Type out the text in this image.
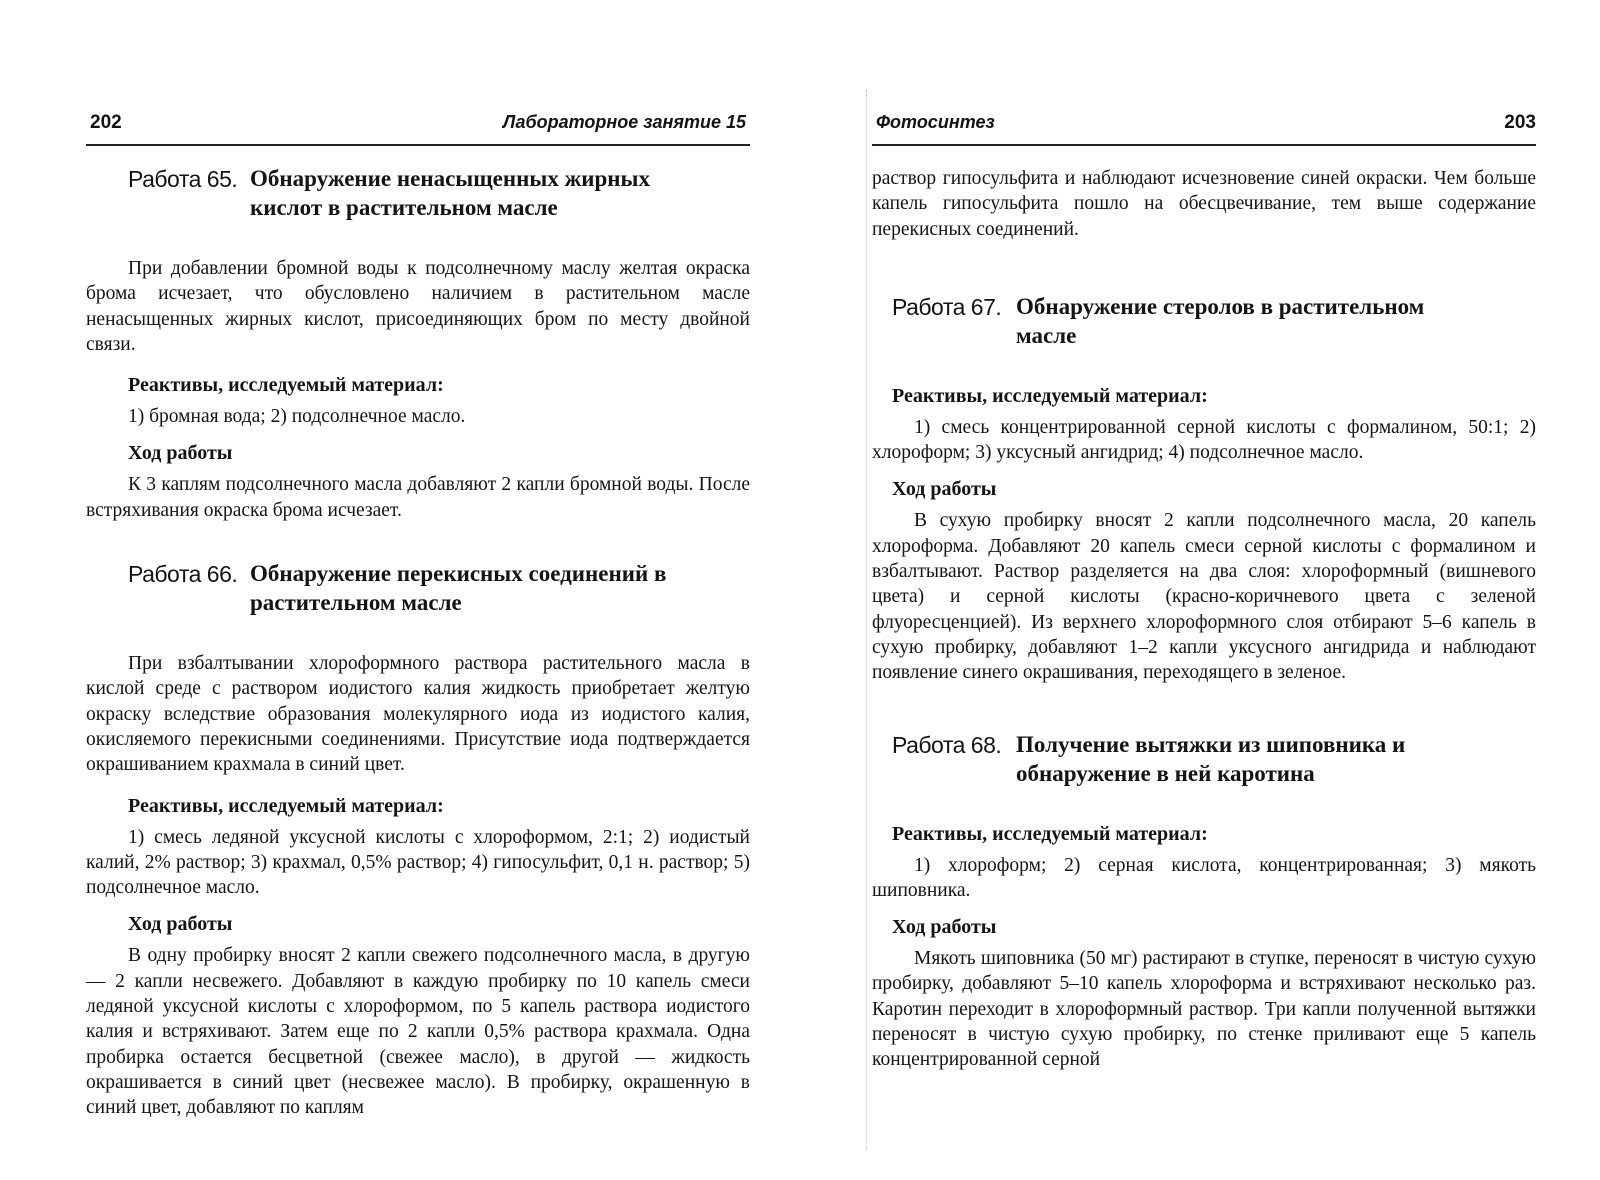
202	Лабораторное занятие 15
Работа 65. Обнаружение ненасыщенных жирных кислот в растительном масле

При добавлении бромной воды к подсолнечному маслу желтая окраска брома исчезает, что обусловлено наличием в растительном масле ненасыщенных жирных кислот, присоединяющих бром по месту двойной связи.

Реактивы, исследуемый материал:

1) бромная вода; 2) подсолнечное масло.

Ход работы

К 3 каплям подсолнечного масла добавляют 2 капли бромной воды. После встряхивания окраска брома исчезает.

Работа 66. Обнаружение перекисных соединений в растительном масле

При взбалтывании хлороформного раствора растительного масла в кислой среде с раствором иодистого калия жидкость приобретает желтую окраску вследствие образования молекулярного иода из иодистого калия, окисляемого перекисными соединениями. Присутствие иода подтверждается окрашиванием крахмала в синий цвет.

Реактивы, исследуемый материал:

1) смесь ледяной уксусной кислоты с хлороформом, 2:1; 2) иодистый калий, 2% раствор; 3) крахмал, 0,5% раствор; 4) гипосульфит, 0,1 н. раствор; 5) подсолнечное масло.

Ход работы

В одну пробирку вносят 2 капли свежего подсолнечного масла, в другую — 2 капли несвежего. Добавляют в каждую пробирку по 10 капель смеси ледяной уксусной кислоты с хлороформом, по 5 капель раствора иодистого калия и встряхивают. Затем еще по 2 капли 0,5% раствора крахмала. Одна пробирка остается бесцветной (свежее масло), в другой — жидкость окрашивается в синий цвет (несвежее масло). В пробирку, окрашенную в синий цвет, добавляют по каплям

Фотосинтез	203

раствор гипосульфита и наблюдают исчезновение синей окраски. Чем больше капель гипосульфита пошло на обесцвечивание, тем выше содержание перекисных соединений.

Работа 67. Обнаружение стеролов в растительном масле
Реактивы, исследуемый материал:

1) смесь концентрированной серной кислоты с формалином, 50:1; 2) хлороформ; 3) уксусный ангидрид; 4) подсолнечное масло.

Ход работы

В сухую пробирку вносят 2 капли подсолнечного масла, 20 капель хлороформа. Добавляют 20 капель смеси серной кислоты с формалином и взбалтывают. Раствор разделяется на два слоя: хлороформный (вишневого цвета) и серной кислоты (красно-коричневого цвета с зеленой флуоресценцией). Из верхнего хлороформного слоя отбирают 5–6 капель в сухую пробирку, добавляют 1–2 капли уксусного ангидрида и наблюдают появление синего окрашивания, переходящего в зеленое.

Работа 68. Получение вытяжки из шиповника и обнаружение в ней каротина
Реактивы, исследуемый материал:

1) хлороформ; 2) серная кислота, концентрированная; 3) мякоть шиповника.

Ход работы

Мякоть шиповника (50 мг) растирают в ступке, переносят в чистую сухую пробирку, добавляют 5–10 капель хлороформа и встряхивают несколько раз. Каротин переходит в хлороформный раствор. Три капли полученной вытяжки переносят в чистую сухую пробирку, по стенке приливают еще 5 капель концентрированной серной
